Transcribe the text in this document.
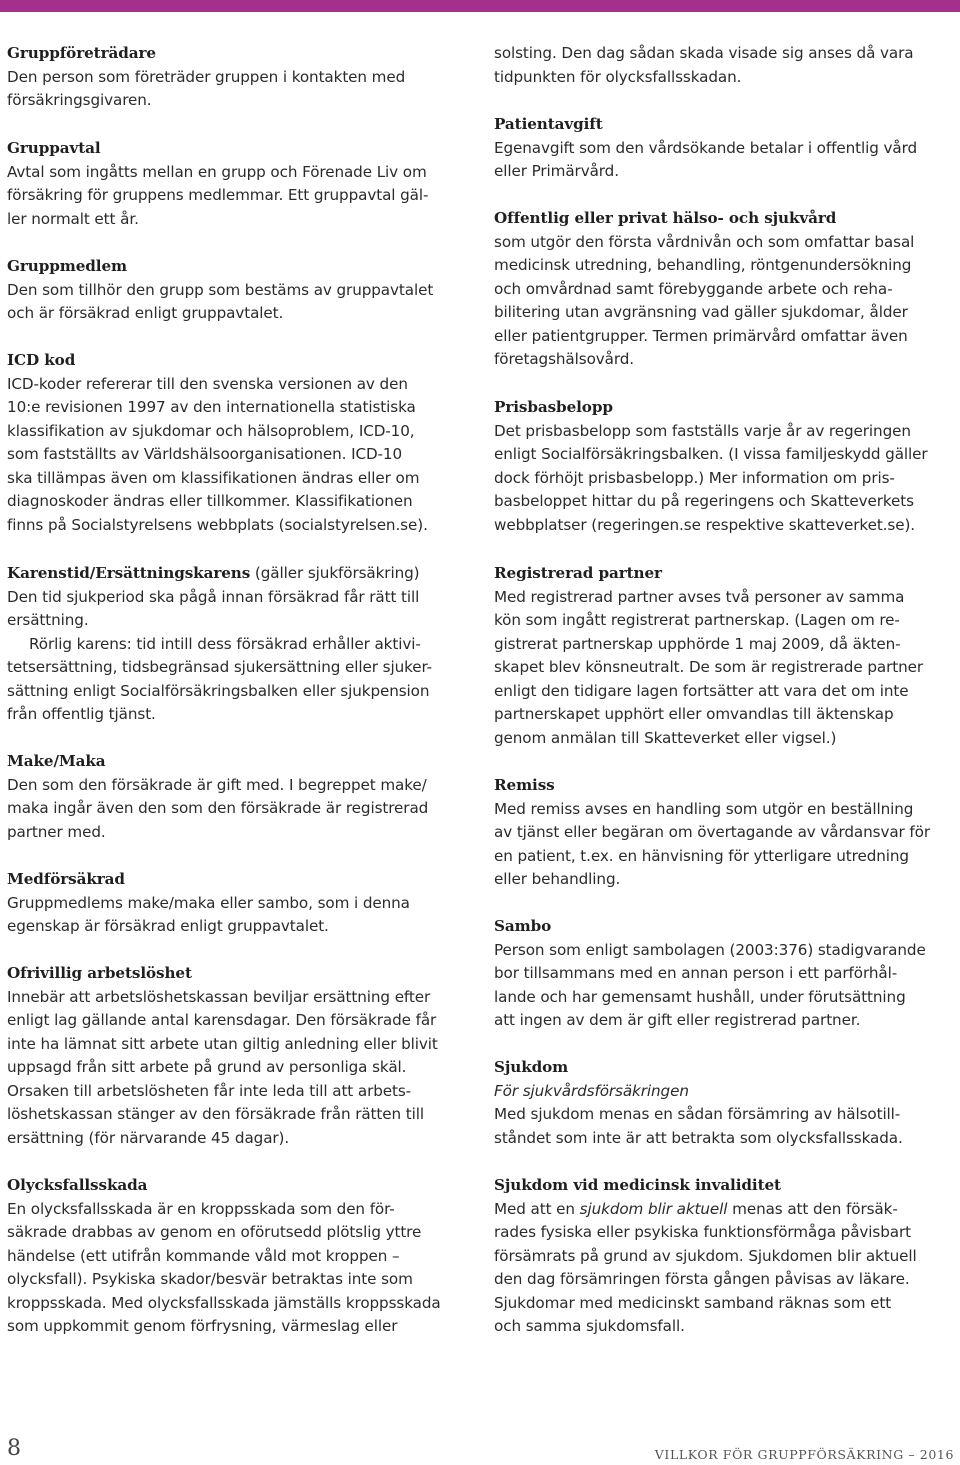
Gruppföreträdare
Den person som företräder gruppen i kontakten med
försäkringsgivaren.
Gruppavtal
Avtal som ingåtts mellan en grupp och Förenade Liv om
försäkring för gruppens medlemmar. Ett gruppavtal gäl-
ler normalt ett år.
Gruppmedlem
Den som tillhör den grupp som bestäms av gruppavtalet
och är försäkrad enligt gruppavtalet.
ICD kod
ICD-koder refererar till den svenska versionen av den
10:e revisionen 1997 av den internationella statistiska
klassifikation av sjukdomar och hälsoproblem, ICD-10,
som fastställts av Världshälsoorganisationen. ICD-10
ska tillämpas även om klassifikationen ändras eller om
diagnoskoder ändras eller tillkommer. Klassifikationen
finns på Socialstyrelsens webbplats (socialstyrelsen.se).
Karenstid/Ersättningskarens (gäller sjukförsäkring)
Den tid sjukperiod ska pågå innan försäkrad får rätt till
ersättning.
Rörlig karens: tid intill dess försäkrad erhåller aktivi-
tetsersättning, tidsbegränsad sjukersättning eller sjuker-
sättning enligt Socialförsäkringsbalken eller sjukpension
från offentlig tjänst.
Make/Maka
Den som den försäkrade är gift med. I begreppet make/
maka ingår även den som den försäkrade är registrerad
partner med.
Medförsäkrad
Gruppmedlems make/maka eller sambo, som i denna
egenskap är försäkrad enligt gruppavtalet.
Ofrivillig arbetslöshet
Innebär att arbetslöshetskassan beviljar ersättning efter
enligt lag gällande antal karensdagar. Den försäkrade får
inte ha lämnat sitt arbete utan giltig anledning eller blivit
uppsagd från sitt arbete på grund av personliga skäl.
Orsaken till arbetslösheten får inte leda till att arbets-
löshetskassan stänger av den försäkrade från rätten till
ersättning (för närvarande 45 dagar).
Olycksfallsskada
En olycksfallsskada är en kroppsskada som den för-
säkrade drabbas av genom en oförutsedd plötslig yttre
händelse (ett utifrån kommande våld mot kroppen –
olycksfall). Psykiska skador/besvär betraktas inte som
kroppsskada. Med olycksfallsskada jämställs kroppsskada
som uppkommit genom förfrysning, värmeslag eller
solsting. Den dag sådan skada visade sig anses då vara
tidpunkten för olycksfallsskadan.
Patientavgift
Egenavgift som den vårdsökande betalar i offentlig vård
eller Primärvård.
Offentlig eller privat hälso- och sjukvård
som utgör den första vårdnivån och som omfattar basal
medicinsk utredning, behandling, röntgenundersökning
och omvårdnad samt förebyggande arbete och reha-
bilitering utan avgränsning vad gäller sjukdomar, ålder
eller patientgrupper. Termen primärvård omfattar även
företagshälsovård.
Prisbasbelopp
Det prisbasbelopp som fastställs varje år av regeringen
enligt Socialförsäkringsbalken. (I vissa familjeskydd gäller
dock förhöjt prisbasbelopp.) Mer information om pris-
basbeloppet hittar du på regeringens och Skatteverkets
webbplatser (regeringen.se respektive skatteverket.se).
Registrerad partner
Med registrerad partner avses två personer av samma
kön som ingått registrerat partnerskap. (Lagen om re-
gistrerat partnerskap upphörde 1 maj 2009, då äkten-
skapet blev könsneutralt. De som är registrerade partner
enligt den tidigare lagen fortsätter att vara det om inte
partnerskapet upphört eller omvandlas till äktenskap
genom anmälan till Skatteverket eller vigsel.)
Remiss
Med remiss avses en handling som utgör en beställning
av tjänst eller begäran om övertagande av vårdansvar för
en patient, t.ex. en hänvisning för ytterligare utredning
eller behandling.
Sambo
Person som enligt sambolagen (2003:376) stadigvarande
bor tillsammans med en annan person i ett parförhål-
lande och har gemensamt hushåll, under förutsättning
att ingen av dem är gift eller registrerad partner.
Sjukdom
För sjukvårdsförsäkringen
Med sjukdom menas en sådan försämring av hälsotill-
ståndet som inte är att betrakta som olycksfallsskada.
Sjukdom vid medicinsk invaliditet
Med att en sjukdom blir aktuell menas att den försäk-
rades fysiska eller psykiska funktionsförmåga påvisbart
försämrats på grund av sjukdom. Sjukdomen blir aktuell
den dag försämringen första gången påvisas av läkare.
Sjukdomar med medicinskt samband räknas som ett
och samma sjukdomsfall.
8	VILLKOR FÖR GRUPPFÖRSÄKRING – 2016
